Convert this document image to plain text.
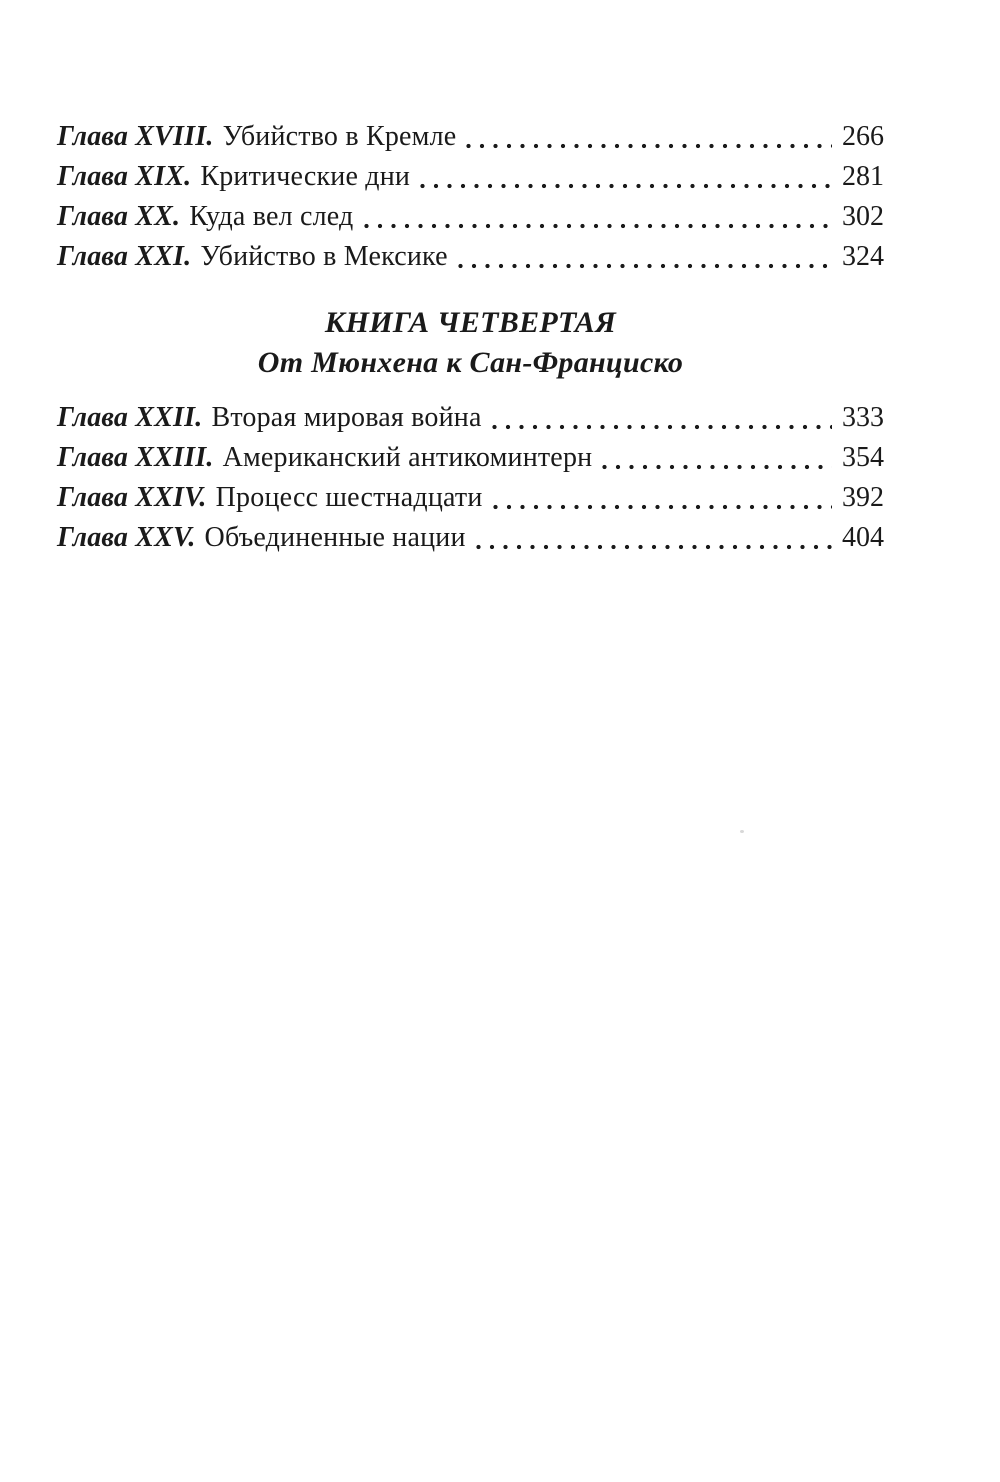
Глава XVIII. Убийство в Кремле	266
Глава XIX. Критические дни	281
Глава XX. Куда вел след	302
Глава XXI. Убийство в Мексике	324
КНИГА ЧЕТВЕРТАЯ
От Мюнхена к Сан-Франциско
Глава XXII. Вторая мировая война	333
Глава XXIII. Американский антикоминтерн	354
Глава XXIV. Процесс шестнадцати	392
Глава XXV. Объединенные нации	404
